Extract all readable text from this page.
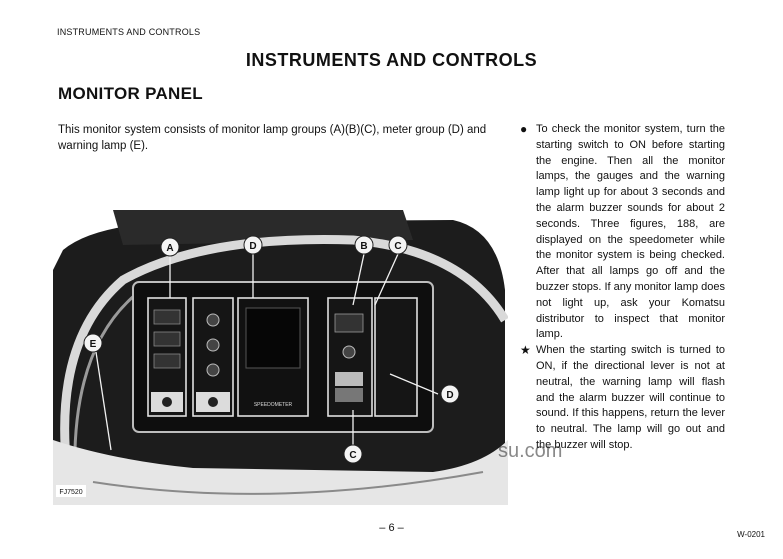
INSTRUMENTS AND CONTROLS
INSTRUMENTS AND CONTROLS
MONITOR PANEL
This monitor system consists of monitor lamp groups (A)(B)(C), meter group (D) and warning lamp (E).
SPEEDOMETER
A	D	B	C
E
D
C
FJ7520

● To check the monitor system, turn the starting switch to ON before starting the engine. Then all the monitor lamps, the gauges and the warning lamp light up for about 3 seconds and the alarm buzzer sounds for about 2 seconds. Three figures, 188, are displayed on the speedometer while the monitor system is being checked. After that all lamps go off and the buzzer stops. If any monitor lamp does not light up, ask your Komatsu distributor to inspect that monitor lamp.

★ When the starting switch is turned to ON, if the directional lever is not at neutral, the warning lamp will flash and the alarm buzzer will continue to sound. If this happens, return the lever to neutral. The lamp will go out and the buzzer will stop.

su.com
– 6 –
W-0201
